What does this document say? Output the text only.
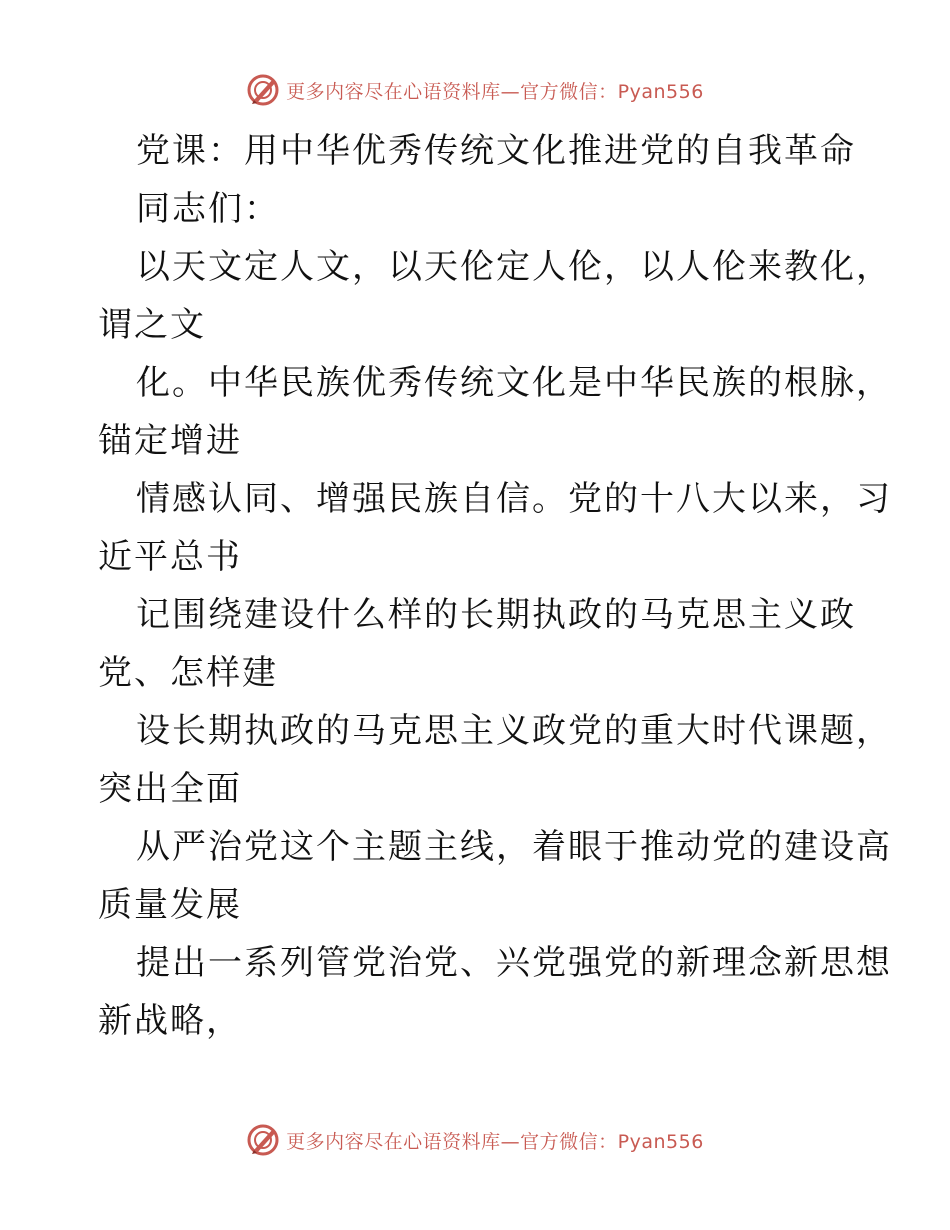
更多内容尽在心语资料库—官方微信：Pyan556
党课：用中华优秀传统文化推进党的自我革命
同志们：
以天文定人文，以天伦定人伦，以人伦来教化，
谓之文
化。中华民族优秀传统文化是中华民族的根脉，
锚定增进
情感认同、增强民族自信。党的十八大以来，习
近平总书
记围绕建设什么样的长期执政的马克思主义政
党、怎样建
设长期执政的马克思主义政党的重大时代课题，
突出全面
从严治党这个主题主线，着眼于推动党的建设高
质量发展
提出一系列管党治党、兴党强党的新理念新思想
新战略，
更多内容尽在心语资料库—官方微信：Pyan556
